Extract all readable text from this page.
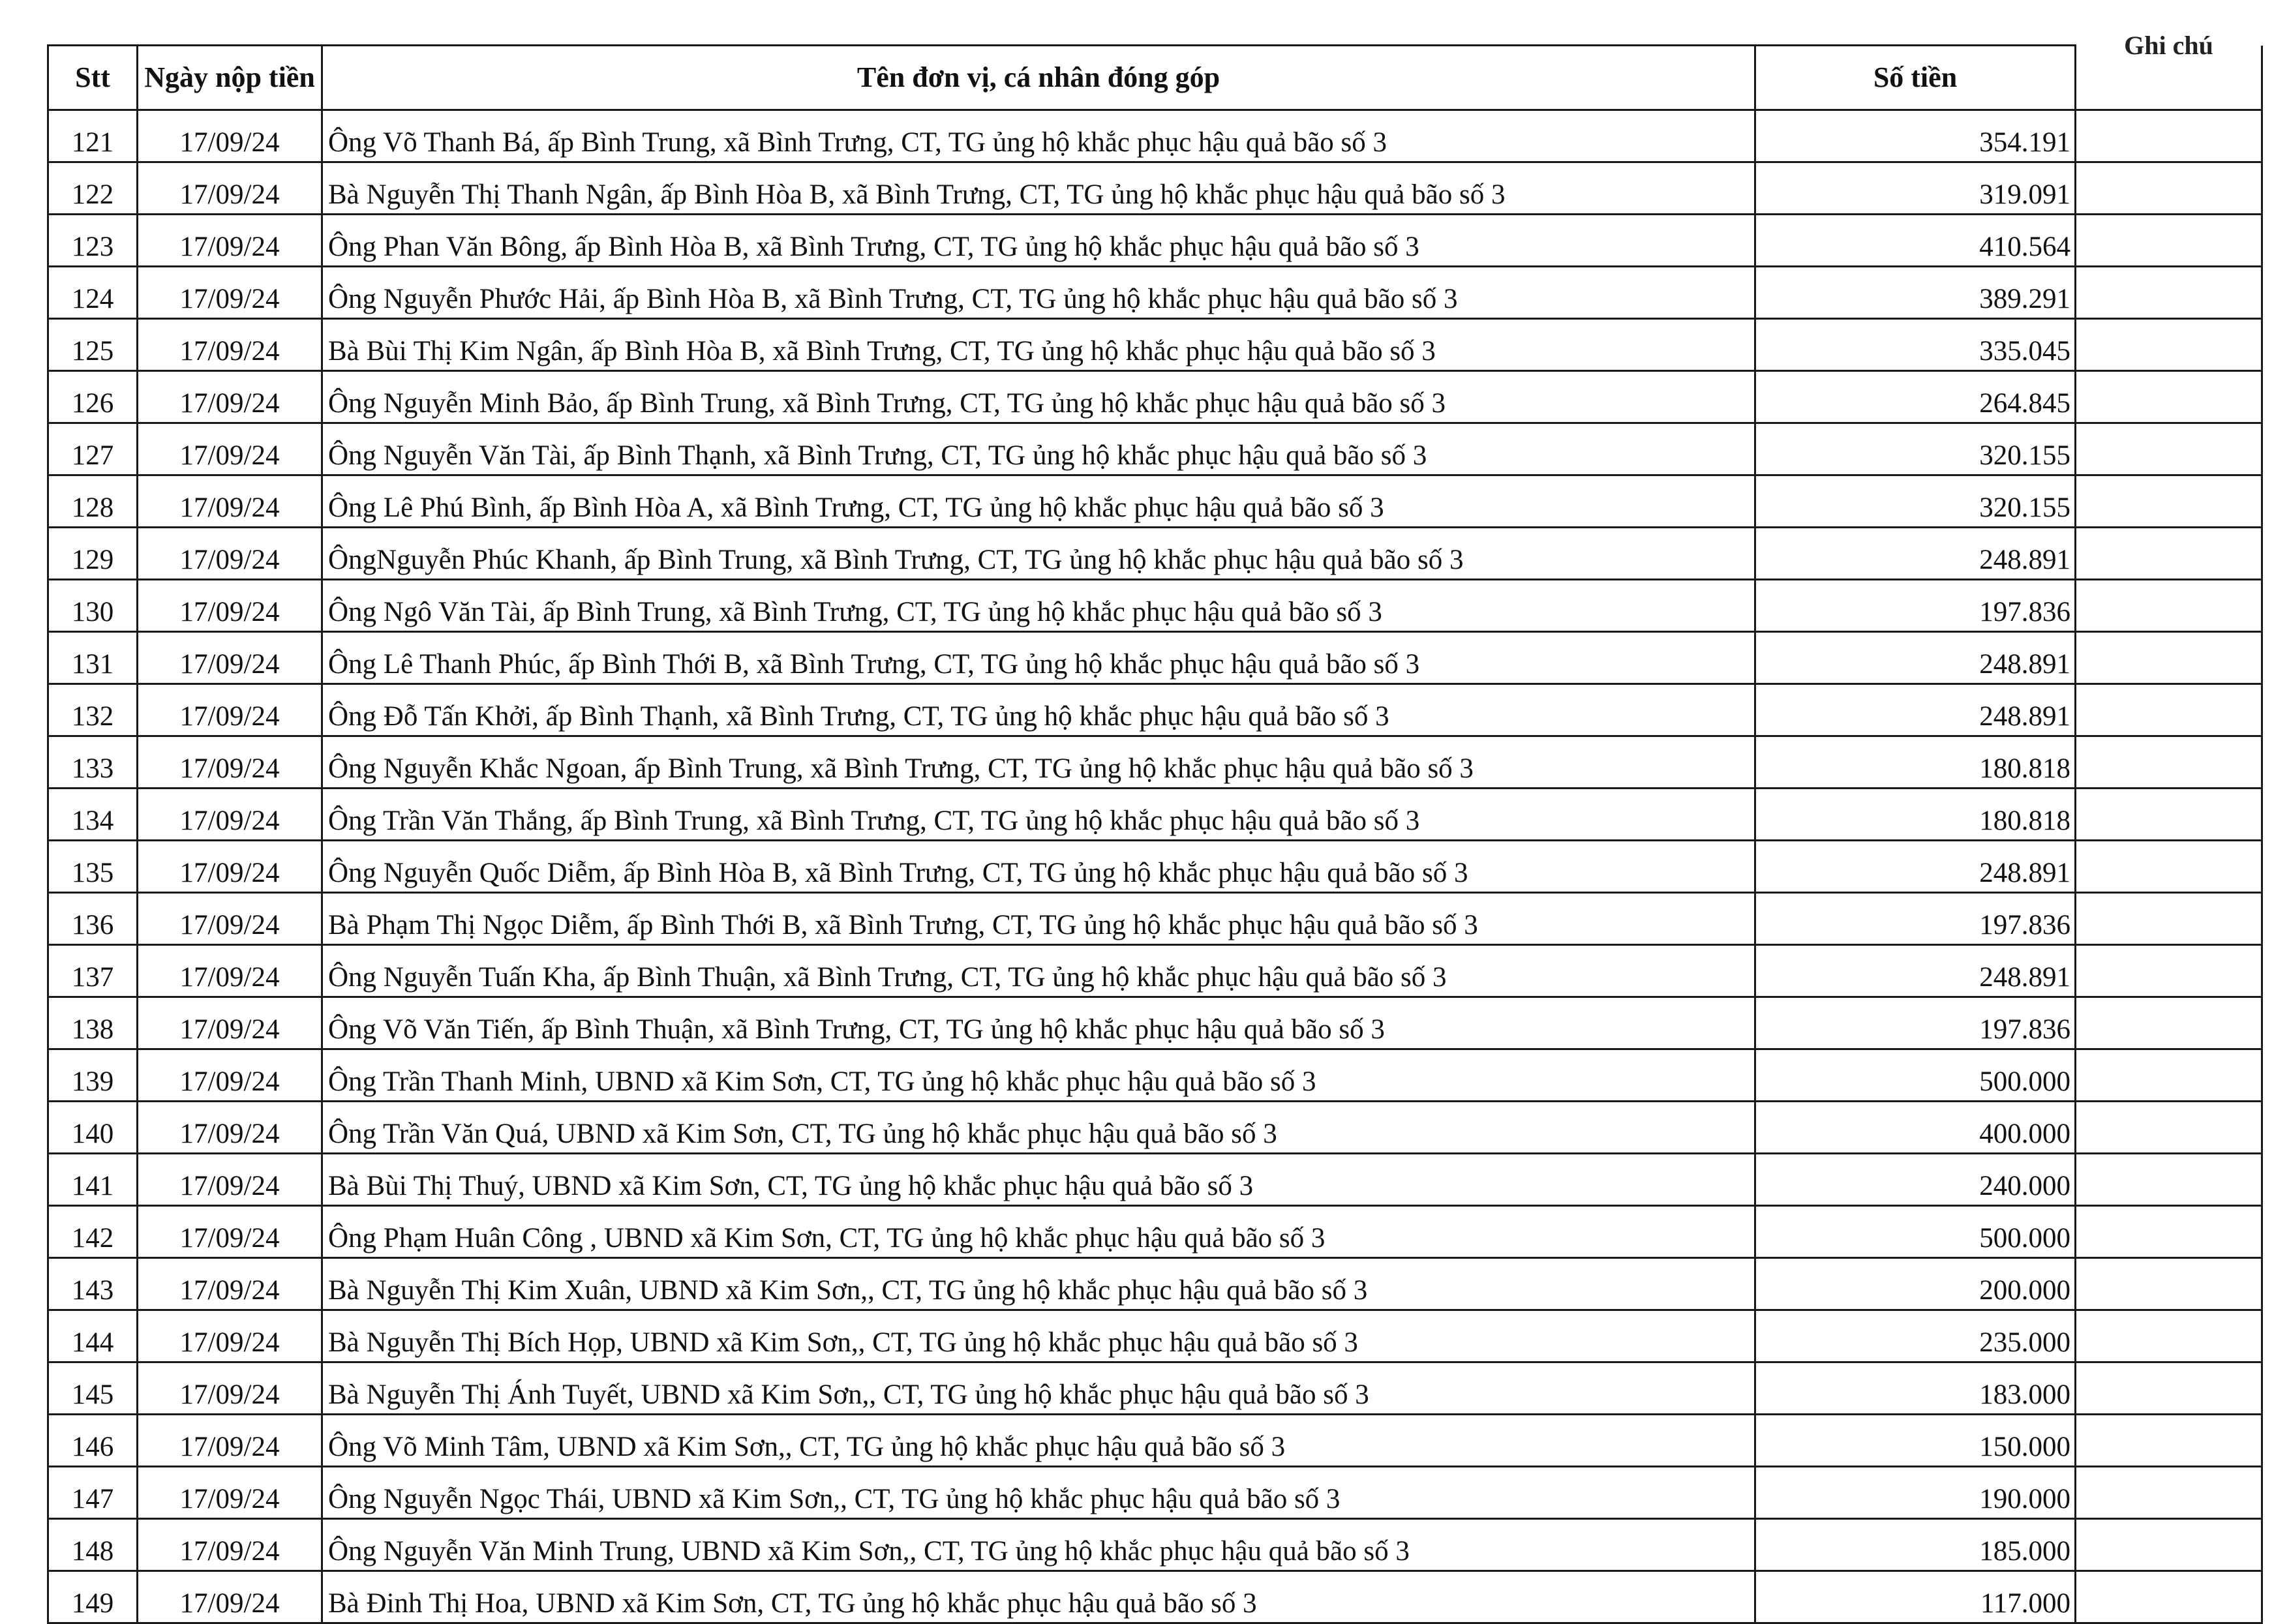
Stt	Ngày nộp tiền	Tên đơn vị, cá nhân đóng góp	Số tiền	Ghi chú

121	17/09/24	Ông Võ Thanh Bá, ấp Bình Trung, xã Bình Trưng, CT, TG ủng hộ khắc phục hậu quả bão số 3	354.191	
122	17/09/24	Bà Nguyễn Thị Thanh Ngân, ấp Bình Hòa B, xã Bình Trưng, CT, TG ủng hộ khắc phục hậu quả bão số 3	319.091	
123	17/09/24	Ông Phan Văn Bông, ấp Bình Hòa B, xã Bình Trưng, CT, TG ủng hộ khắc phục hậu quả bão số 3	410.564	
124	17/09/24	Ông Nguyễn Phước Hải, ấp Bình Hòa B, xã Bình Trưng, CT, TG ủng hộ khắc phục hậu quả bão số 3	389.291	
125	17/09/24	Bà Bùi Thị Kim Ngân, ấp Bình Hòa B, xã Bình Trưng, CT, TG ủng hộ khắc phục hậu quả bão số 3	335.045	
126	17/09/24	Ông Nguyễn Minh Bảo, ấp Bình Trung, xã Bình Trưng, CT, TG ủng hộ khắc phục hậu quả bão số 3	264.845	
127	17/09/24	Ông Nguyễn Văn Tài, ấp Bình Thạnh, xã Bình Trưng, CT, TG ủng hộ khắc phục hậu quả bão số 3	320.155	
128	17/09/24	Ông Lê Phú Bình, ấp Bình Hòa A, xã Bình Trưng, CT, TG ủng hộ khắc phục hậu quả bão số 3	320.155	
129	17/09/24	ÔngNguyễn Phúc Khanh, ấp Bình Trung, xã Bình Trưng, CT, TG ủng hộ khắc phục hậu quả bão số 3	248.891	
130	17/09/24	Ông Ngô Văn Tài, ấp Bình Trung, xã Bình Trưng, CT, TG ủng hộ khắc phục hậu quả bão số 3	197.836	
131	17/09/24	Ông Lê Thanh Phúc, ấp Bình Thới B, xã Bình Trưng, CT, TG ủng hộ khắc phục hậu quả bão số 3	248.891	
132	17/09/24	Ông Đỗ Tấn Khởi, ấp Bình Thạnh, xã Bình Trưng, CT, TG ủng hộ khắc phục hậu quả bão số 3	248.891	
133	17/09/24	Ông Nguyễn Khắc Ngoan, ấp Bình Trung, xã Bình Trưng, CT, TG ủng hộ khắc phục hậu quả bão số 3	180.818	
134	17/09/24	Ông Trần Văn Thắng, ấp Bình Trung, xã Bình Trưng, CT, TG ủng hộ khắc phục hậu quả bão số 3	180.818	
135	17/09/24	Ông Nguyễn Quốc Diễm, ấp Bình Hòa B, xã Bình Trưng, CT, TG ủng hộ khắc phục hậu quả bão số 3	248.891	
136	17/09/24	Bà Phạm Thị Ngọc Diễm, ấp Bình Thới B, xã Bình Trưng, CT, TG ủng hộ khắc phục hậu quả bão số 3	197.836	
137	17/09/24	Ông Nguyễn Tuấn Kha, ấp Bình Thuận, xã Bình Trưng, CT, TG ủng hộ khắc phục hậu quả bão số 3	248.891	
138	17/09/24	Ông Võ Văn Tiến, ấp Bình Thuận, xã Bình Trưng, CT, TG ủng hộ khắc phục hậu quả bão số 3	197.836	
139	17/09/24	Ông Trần Thanh Minh, UBND xã Kim Sơn, CT, TG ủng hộ khắc phục hậu quả bão số 3	500.000	
140	17/09/24	Ông Trần Văn Quá, UBND xã Kim Sơn, CT, TG ủng hộ khắc phục hậu quả bão số 3	400.000	
141	17/09/24	Bà Bùi Thị Thuý, UBND xã Kim Sơn, CT, TG ủng hộ khắc phục hậu quả bão số 3	240.000	
142	17/09/24	Ông Phạm Huân Công , UBND xã Kim Sơn, CT, TG ủng hộ khắc phục hậu quả bão số 3	500.000	
143	17/09/24	Bà Nguyễn Thị Kim Xuân, UBND xã Kim Sơn,, CT, TG ủng hộ khắc phục hậu quả bão số 3	200.000	
144	17/09/24	Bà Nguyễn Thị Bích Họp, UBND xã Kim Sơn,, CT, TG ủng hộ khắc phục hậu quả bão số 3	235.000	
145	17/09/24	Bà Nguyễn Thị Ánh Tuyết, UBND xã Kim Sơn,, CT, TG ủng hộ khắc phục hậu quả bão số 3	183.000	
146	17/09/24	Ông Võ Minh Tâm, UBND xã Kim Sơn,, CT, TG ủng hộ khắc phục hậu quả bão số 3	150.000	
147	17/09/24	Ông Nguyễn Ngọc Thái, UBND xã Kim Sơn,, CT, TG ủng hộ khắc phục hậu quả bão số 3	190.000	
148	17/09/24	Ông Nguyễn Văn Minh Trung, UBND xã Kim Sơn,, CT, TG ủng hộ khắc phục hậu quả bão số 3	185.000	
149	17/09/24	Bà Đinh Thị Hoa, UBND xã Kim Sơn, CT, TG ủng hộ khắc phục hậu quả bão số 3	117.000	
